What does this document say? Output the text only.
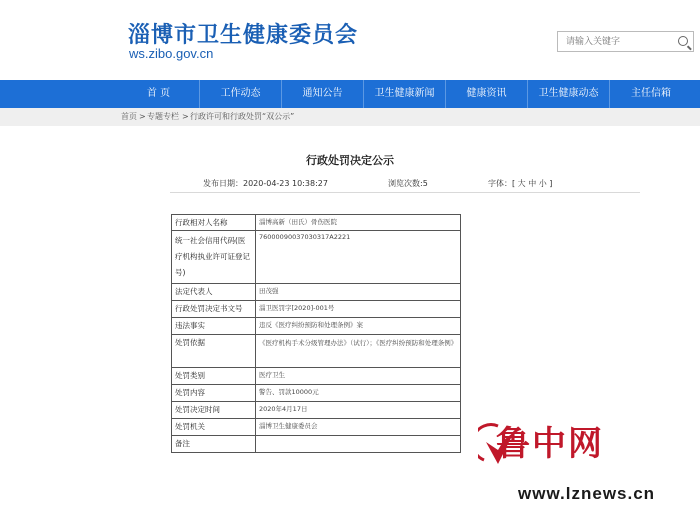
淄博市卫生健康委员会
ws.zibo.gov.cn
请输入关键字
首 页	工作动态	通知公告	卫生健康新闻	健康资讯	卫生健康动态	主任信箱
首页 > 专题专栏 > 行政许可和行政处罚“双公示”
行政处罚决定公示
发布日期：2020-04-23 10:38:27	浏览次数:5	字体：[ 大 中 小 ]
行政相对人名称	淄博高新（田氏）骨伤医院
统一社会信用代码(医疗机构执业许可证登记号)	76000090037030317A2221
法定代表人	田茂强
行政处罚决定书文号	淄卫医罚字[2020]-001号
违法事实	违反《医疗纠纷预防和处理条例》案
处罚依据	《医疗机构手术分级管理办法》（试行）；《医疗纠纷预防和处理条例》
处罚类别	医疗卫生
处罚内容	警告、罚款10000元
处罚决定时间	2020年4月17日
处罚机关	淄博卫生健康委员会
备注		鲁中网
www.lznews.cn
